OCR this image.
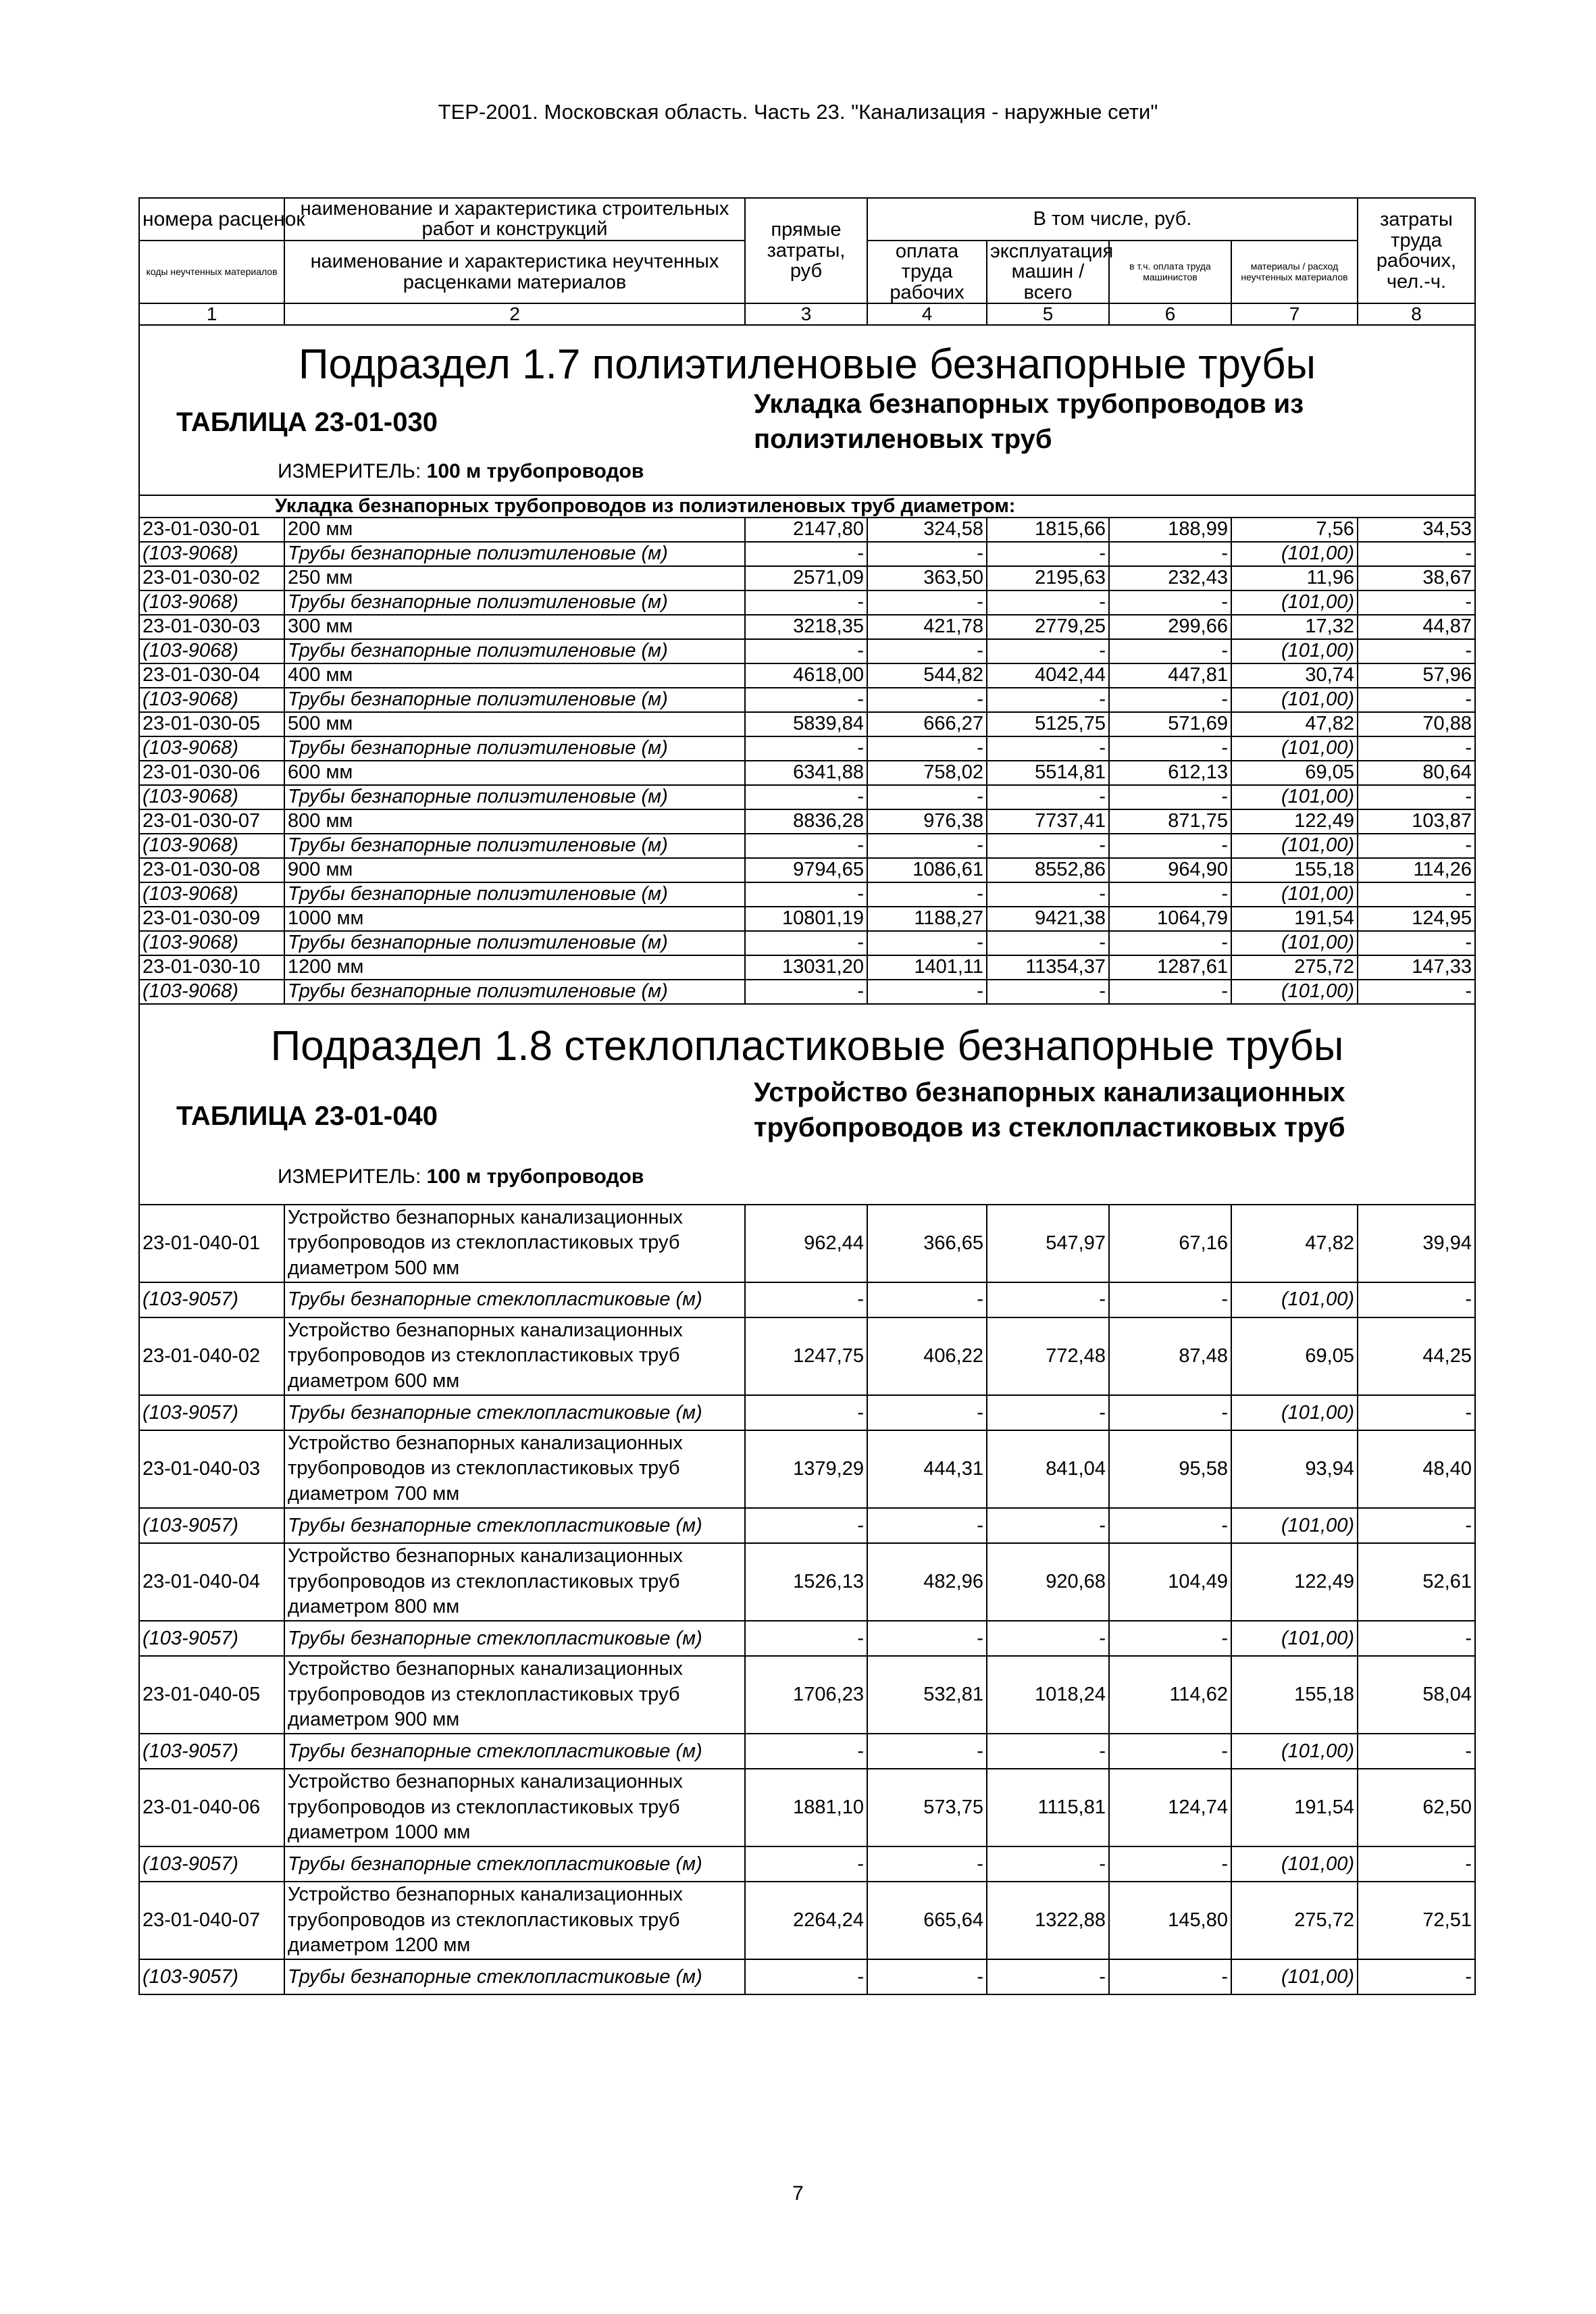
ТЕР-2001. Московская область. Часть 23. "Канализация - наружные сети"
номера расценок	наименование и характеристика строительных работ и конструкций	прямые затраты, руб	В том числе, руб.				затраты труда рабочих, чел.-ч.
коды неучтенных материалов	наименование и характеристика неучтенных расценками материалов		оплата труда рабочих	эксплуатация машин / всего	в т.ч. оплата труда машинистов	материалы / расход неучтенных материалов	
1	2	3	4	5	6	7	8

Подраздел 1.7 полиэтиленовые безнапорные трубы
ТАБЛИЦА 23-01-030
Укладка безнапорных трубопроводов из полиэтиленовых труб
ИЗМЕРИТЕЛЬ: 100 м трубопроводов							

Укладка безнапорных трубопроводов из полиэтиленовых труб диаметром:							
23-01-030-01	200 мм	2147,80	324,58	1815,66	188,99	7,56	34,53
(103-9068)	Трубы безнапорные полиэтиленовые (м)	-	-	-	-	(101,00)	-
23-01-030-02	250 мм	2571,09	363,50	2195,63	232,43	11,96	38,67
(103-9068)	Трубы безнапорные полиэтиленовые (м)	-	-	-	-	(101,00)	-
23-01-030-03	300 мм	3218,35	421,78	2779,25	299,66	17,32	44,87
(103-9068)	Трубы безнапорные полиэтиленовые (м)	-	-	-	-	(101,00)	-
23-01-030-04	400 мм	4618,00	544,82	4042,44	447,81	30,74	57,96
(103-9068)	Трубы безнапорные полиэтиленовые (м)	-	-	-	-	(101,00)	-
23-01-030-05	500 мм	5839,84	666,27	5125,75	571,69	47,82	70,88
(103-9068)	Трубы безнапорные полиэтиленовые (м)	-	-	-	-	(101,00)	-
23-01-030-06	600 мм	6341,88	758,02	5514,81	612,13	69,05	80,64
(103-9068)	Трубы безнапорные полиэтиленовые (м)	-	-	-	-	(101,00)	-
23-01-030-07	800 мм	8836,28	976,38	7737,41	871,75	122,49	103,87
(103-9068)	Трубы безнапорные полиэтиленовые (м)	-	-	-	-	(101,00)	-
23-01-030-08	900 мм	9794,65	1086,61	8552,86	964,90	155,18	114,26
(103-9068)	Трубы безнапорные полиэтиленовые (м)	-	-	-	-	(101,00)	-
23-01-030-09	1000 мм	10801,19	1188,27	9421,38	1064,79	191,54	124,95
(103-9068)	Трубы безнапорные полиэтиленовые (м)	-	-	-	-	(101,00)	-
23-01-030-10	1200 мм	13031,20	1401,11	11354,37	1287,61	275,72	147,33
(103-9068)	Трубы безнапорные полиэтиленовые (м)	-	-	-	-	(101,00)	-

Подраздел 1.8 стеклопластиковые безнапорные трубы
ТАБЛИЦА 23-01-040
Устройство безнапорных канализационных трубопроводов из стеклопластиковых труб
ИЗМЕРИТЕЛЬ: 100 м трубопроводов							

23-01-040-01	Устройство безнапорных канализационных трубопроводов из стеклопластиковых труб диаметром 500 мм	962,44	366,65	547,97	67,16	47,82	39,94
(103-9057)	Трубы безнапорные стеклопластиковые (м)	-	-	-	-	(101,00)	-
23-01-040-02	Устройство безнапорных канализационных трубопроводов из стеклопластиковых труб диаметром 600 мм	1247,75	406,22	772,48	87,48	69,05	44,25
(103-9057)	Трубы безнапорные стеклопластиковые (м)	-	-	-	-	(101,00)	-
23-01-040-03	Устройство безнапорных канализационных трубопроводов из стеклопластиковых труб диаметром 700 мм	1379,29	444,31	841,04	95,58	93,94	48,40
(103-9057)	Трубы безнапорные стеклопластиковые (м)	-	-	-	-	(101,00)	-
23-01-040-04	Устройство безнапорных канализационных трубопроводов из стеклопластиковых труб диаметром 800 мм	1526,13	482,96	920,68	104,49	122,49	52,61
(103-9057)	Трубы безнапорные стеклопластиковые (м)	-	-	-	-	(101,00)	-
23-01-040-05	Устройство безнапорных канализационных трубопроводов из стеклопластиковых труб диаметром 900 мм	1706,23	532,81	1018,24	114,62	155,18	58,04
(103-9057)	Трубы безнапорные стеклопластиковые (м)	-	-	-	-	(101,00)	-
23-01-040-06	Устройство безнапорных канализационных трубопроводов из стеклопластиковых труб диаметром 1000 мм	1881,10	573,75	1115,81	124,74	191,54	62,50
(103-9057)	Трубы безнапорные стеклопластиковые (м)	-	-	-	-	(101,00)	-
23-01-040-07	Устройство безнапорных канализационных трубопроводов из стеклопластиковых труб диаметром 1200 мм	2264,24	665,64	1322,88	145,80	275,72	72,51
(103-9057)	Трубы безнапорные стеклопластиковые (м)	-	-	-	-	(101,00)	-
7
